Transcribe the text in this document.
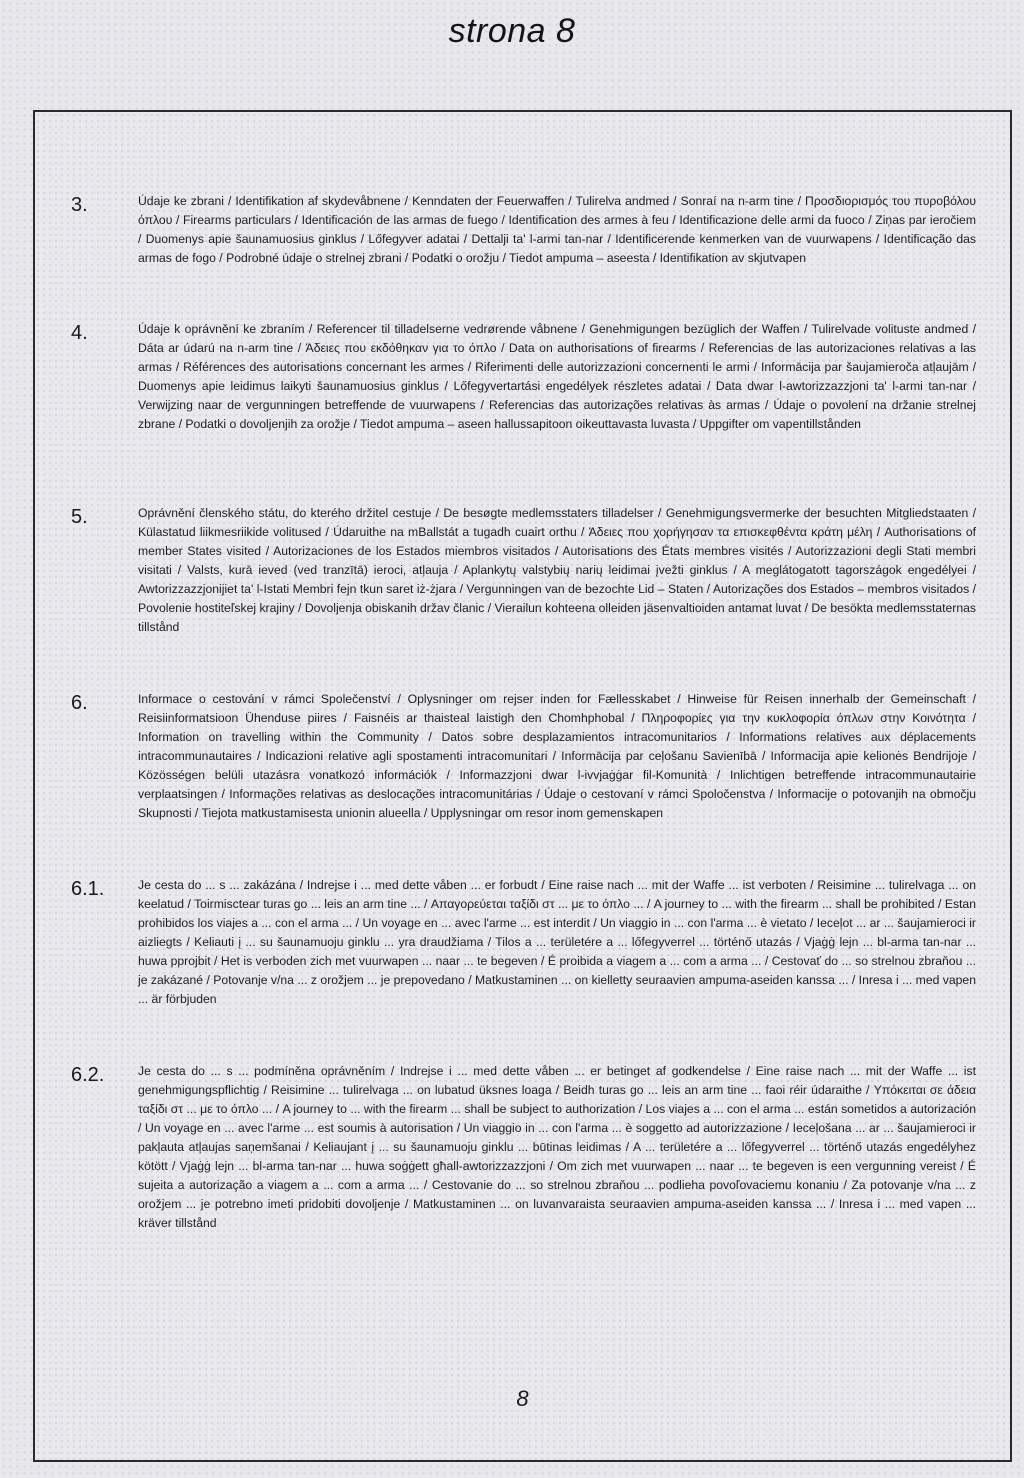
strona 8
3.	Údaje ke zbrani / Identifikation af skydevåbnene / Kenndaten der Feuerwaffen / Tulirelva andmed / Sonraí na n-arm tine / Προσδιορισμός του πυροβόλου όπλου / Firearms particulars / Identificación de las armas de fuego / Identification des armes à feu / Identificazione delle armi da fuoco / Ziņas par ieročiem / Duomenys apie šaunamuosius ginklus / Lőfegyver adatai / Dettalji ta' l-armi tan-nar / Identificerende kenmerken van de vuurwapens / Identificação das armas de fogo / Podrobné údaje o strelnej zbrani / Podatki o orožju / Tiedot ampuma – aseesta / Identifikation av skjutvapen

4.	Údaje k oprávnění ke zbraním / Referencer til tilladelserne vedrørende våbnene / Genehmigungen bezüglich der Waffen / Tulirelvade volituste andmed / Dáta ar údarú na n-arm tine / Άδειες που εκδόθηκαν για το όπλο / Data on authorisations of firearms / Referencias de las autorizaciones relativas a las armas / Références des autorisations concernant les armes / Riferimenti delle autorizzazioni concernenti le armi / Informācija par šaujamieroča atļaujām / Duomenys apie leidimus laikyti šaunamuosius ginklus / Lőfegyvertartási engedélyek részletes adatai / Data dwar l-awtorizzazzjoni ta' l-armi tan-nar / Verwijzing naar de vergunningen betreffende de vuurwapens / Referencias das autorizações relativas às armas / Údaje o povolení na držanie strelnej zbrane / Podatki o dovoljenjih za orožje / Tiedot ampuma – aseen hallussapitoon oikeuttavasta luvasta / Uppgifter om vapentillstånden

5.	Oprávnění členského státu, do kterého držitel cestuje / De besøgte medlemsstaters tilladelser / Genehmigungsvermerke der besuchten Mitgliedstaaten / Külastatud liikmesriikide volitused / Údaruithe na mBallstát a tugadh cuairt orthu / Άδειες που χορήγησαν τα επισκεφθέντα κράτη μέλη / Authorisations of member States visited / Autorizaciones de los Estados miembros visitados / Autorisations des États membres visités / Autorizzazioni degli Stati membri visitati / Valsts, kurā ieved (ved tranzītā) ieroci, atļauja / Aplankytų valstybių narių leidimai įvežti ginklus / A meglátogatott tagországok engedélyei / Awtorizzazzjonijiet ta' l-Istati Membri fejn tkun saret iż-żjara / Vergunningen van de bezochte Lid – Staten / Autorizações dos Estados – membros visitados / Povolenie hostiteľskej krajiny / Dovoljenja obiskanih držav članic / Vierailun kohteena olleiden jäsenvaltioiden antamat luvat / De besökta medlemsstaternas tillstånd

6.	Informace o cestování v rámci Společenství / Oplysninger om rejser inden for Fællesskabet / Hinweise für Reisen innerhalb der Gemeinschaft / Reisiinformatsioon Ühenduse piires / Faisnéis ar thaisteal laistigh den Chomhphobal / Πληροφορίες για την κυκλοφορία όπλων στην Κοινότητα / Information on travelling within the Community / Datos sobre desplazamientos intracomunitarios / Informations relatives aux déplacements intracommunautaires / Indicazioni relative agli spostamenti intracomunitari / Informācija par ceļošanu Savienībā / Informacija apie kelionės Bendrijoje / Közösségen belüli utazásra vonatkozó információk / Informazzjoni dwar l-ivvjaġġar fil-Komunità / Inlichtigen betreffende intracommunautairie verplaatsingen / Informações relativas as deslocações intracomunitárias / Údaje o cestovaní v rámci Spoločenstva / Informacije o potovanjih na območju Skupnosti / Tiejota matkustamisesta unionin alueella / Upplysningar om resor inom gemenskapen

6.1.	Je cesta do ... s ... zakázána / Indrejse i ... med dette våben ... er forbudt / Eine raise nach ... mit der Waffe ... ist verboten / Reisimine ... tulirelvaga ... on keelatud / Toirmisctear turas go ... leis an arm tine ... / Απαγορεύεται ταξίδι στ ... με το όπλο ... / A journey to ... with the firearm ... shall be prohibited / Estan prohibidos los viajes a ... con el arma ... / Un voyage en ... avec l'arme ... est interdit / Un viaggio in ... con l'arma ... è vietato / Ieceļot ... ar ... šaujamieroci ir aizliegts / Keliauti į ... su šaunamuoju ginklu ... yra draudžiama / Tilos a ... területére a ... lőfegyverrel ... történő utazás / Vjaġġ lejn ... bl-arma tan-nar ... huwa pprojbit / Het is verboden zich met vuurwapen ... naar ... te begeven / É proibida a viagem a ... com a arma ... / Cestovať do ... so strelnou zbraňou ... je zakázané / Potovanje v/na ... z orožjem ... je prepovedano / Matkustaminen ... on kielletty seuraavien ampuma-aseiden kanssa ... / Inresa i ... med vapen ... är förbjuden

6.2.	Je cesta do ... s ... podmíněna oprávněním / Indrejse i ... med dette våben ... er betinget af godkendelse / Eine raise nach ... mit der Waffe ... ist genehmigungspflichtig / Reisimine ... tulirelvaga ... on lubatud üksnes loaga / Beidh turas go ... leis an arm tine ... faoi réir údaraithe / Υπόκειται σε άδεια ταξίδι στ ... με το όπλο ... / A journey to ... with the firearm ... shall be subject to authorization / Los viajes a ... con el arma ... están sometidos a autorización / Un voyage en ... avec l'arme ... est soumis à autorisation / Un viaggio in ... con l'arma ... è soggetto ad autorizzazione / Ieceļošana ... ar ... šaujamieroci ir pakļauta atļaujas saņemšanai / Keliaujant į ... su šaunamuoju ginklu ... būtinas leidimas / A ... területére a ... lőfegyverrel ... történő utazás engedélyhez kötött / Vjaġġ lejn ... bl-arma tan-nar ... huwa soġġett għall-awtorizzazzjoni / Om zich met vuurwapen ... naar ... te begeven is een vergunning vereist / É sujeita a autorização a viagem a ... com a arma ... / Cestovanie do ... so strelnou zbraňou ... podlieha povoľovaciemu konaniu / Za potovanje v/na ... z orožjem ... je potrebno imeti pridobiti dovoljenje / Matkustaminen ... on luvanvaraista seuraavien ampuma-aseiden kanssa ... / Inresa i ... med vapen ... kräver tillstånd

8
